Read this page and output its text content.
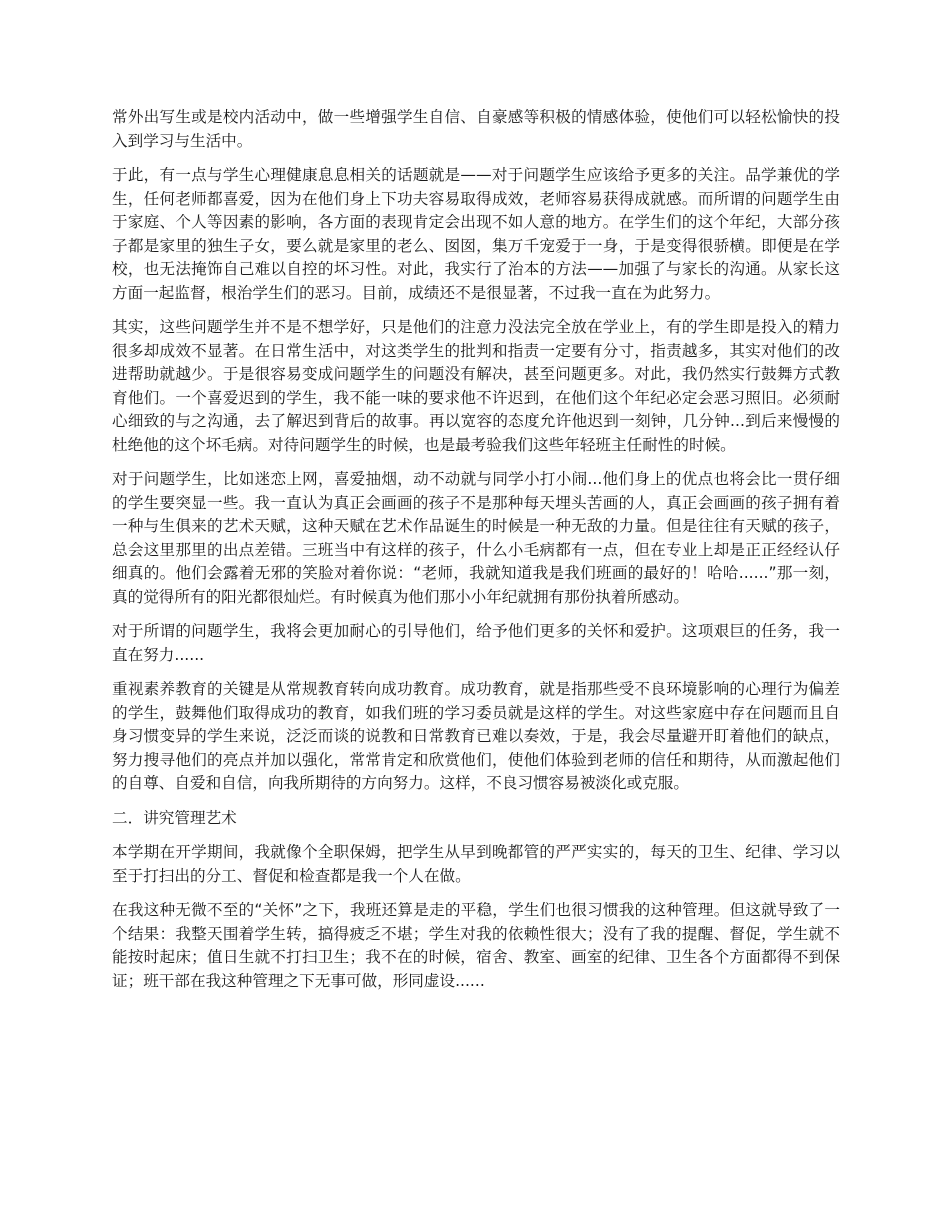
常外出写生或是校内活动中，做一些增强学生自信、自豪感等积极的情感体验，使他们可以轻松愉快的投入到学习与生活中。

于此，有一点与学生心理健康息息相关的话题就是——对于问题学生应该给予更多的关注。品学兼优的学生，任何老师都喜爱，因为在他们身上下功夫容易取得成效，老师容易获得成就感。而所谓的问题学生由于家庭、个人等因素的影响，各方面的表现肯定会出现不如人意的地方。在学生们的这个年纪，大部分孩子都是家里的独生子女，要么就是家里的老么、囡囡，集万千宠爱于一身，于是变得很骄横。即便是在学校，也无法掩饰自己难以自控的坏习性。对此，我实行了治本的方法——加强了与家长的沟通。从家长这方面一起监督，根治学生们的恶习。目前，成绩还不是很显著，不过我一直在为此努力。

其实，这些问题学生并不是不想学好，只是他们的注意力没法完全放在学业上，有的学生即是投入的精力很多却成效不显著。在日常生活中，对这类学生的批判和指责一定要有分寸，指责越多，其实对他们的改进帮助就越少。于是很容易变成问题学生的问题没有解决，甚至问题更多。对此，我仍然实行鼓舞方式教育他们。一个喜爱迟到的学生，我不能一味的要求他不许迟到，在他们这个年纪必定会恶习照旧。必须耐心细致的与之沟通，去了解迟到背后的故事。再以宽容的态度允许他迟到一刻钟，几分钟...到后来慢慢的杜绝他的这个坏毛病。对待问题学生的时候，也是最考验我们这些年轻班主任耐性的时候。

对于问题学生，比如迷恋上网，喜爱抽烟，动不动就与同学小打小闹...他们身上的优点也将会比一贯仔细的学生要突显一些。我一直认为真正会画画的孩子不是那种每天埋头苦画的人，真正会画画的孩子拥有着一种与生俱来的艺术天赋，这种天赋在艺术作品诞生的时候是一种无敌的力量。但是往往有天赋的孩子，总会这里那里的出点差错。三班当中有这样的孩子，什么小毛病都有一点，但在专业上却是正正经经认仔细真的。他们会露着无邪的笑脸对着你说：“老师，我就知道我是我们班画的最好的！哈哈......”那一刻，真的觉得所有的阳光都很灿烂。有时候真为他们那小小年纪就拥有那份执着所感动。

对于所谓的问题学生，我将会更加耐心的引导他们，给予他们更多的关怀和爱护。这项艰巨的任务，我一直在努力......

重视素养教育的关键是从常规教育转向成功教育。成功教育，就是指那些受不良环境影响的心理行为偏差的学生，鼓舞他们取得成功的教育，如我们班的学习委员就是这样的学生。对这些家庭中存在问题而且自身习惯变异的学生来说，泛泛而谈的说教和日常教育已难以奏效，于是，我会尽量避开盯着他们的缺点，努力搜寻他们的亮点并加以强化，常常肯定和欣赏他们，使他们体验到老师的信任和期待，从而激起他们的自尊、自爱和自信，向我所期待的方向努力。这样，不良习惯容易被淡化或克服。

二．讲究管理艺术

本学期在开学期间，我就像个全职保姆，把学生从早到晚都管的严严实实的，每天的卫生、纪律、学习以至于打扫出的分工、督促和检查都是我一个人在做。

在我这种无微不至的“关怀”之下，我班还算是走的平稳，学生们也很习惯我的这种管理。但这就导致了一个结果：我整天围着学生转，搞得疲乏不堪；学生对我的依赖性很大；没有了我的提醒、督促，学生就不能按时起床；值日生就不打扫卫生；我不在的时候，宿舍、教室、画室的纪律、卫生各个方面都得不到保证；班干部在我这种管理之下无事可做，形同虚设......
